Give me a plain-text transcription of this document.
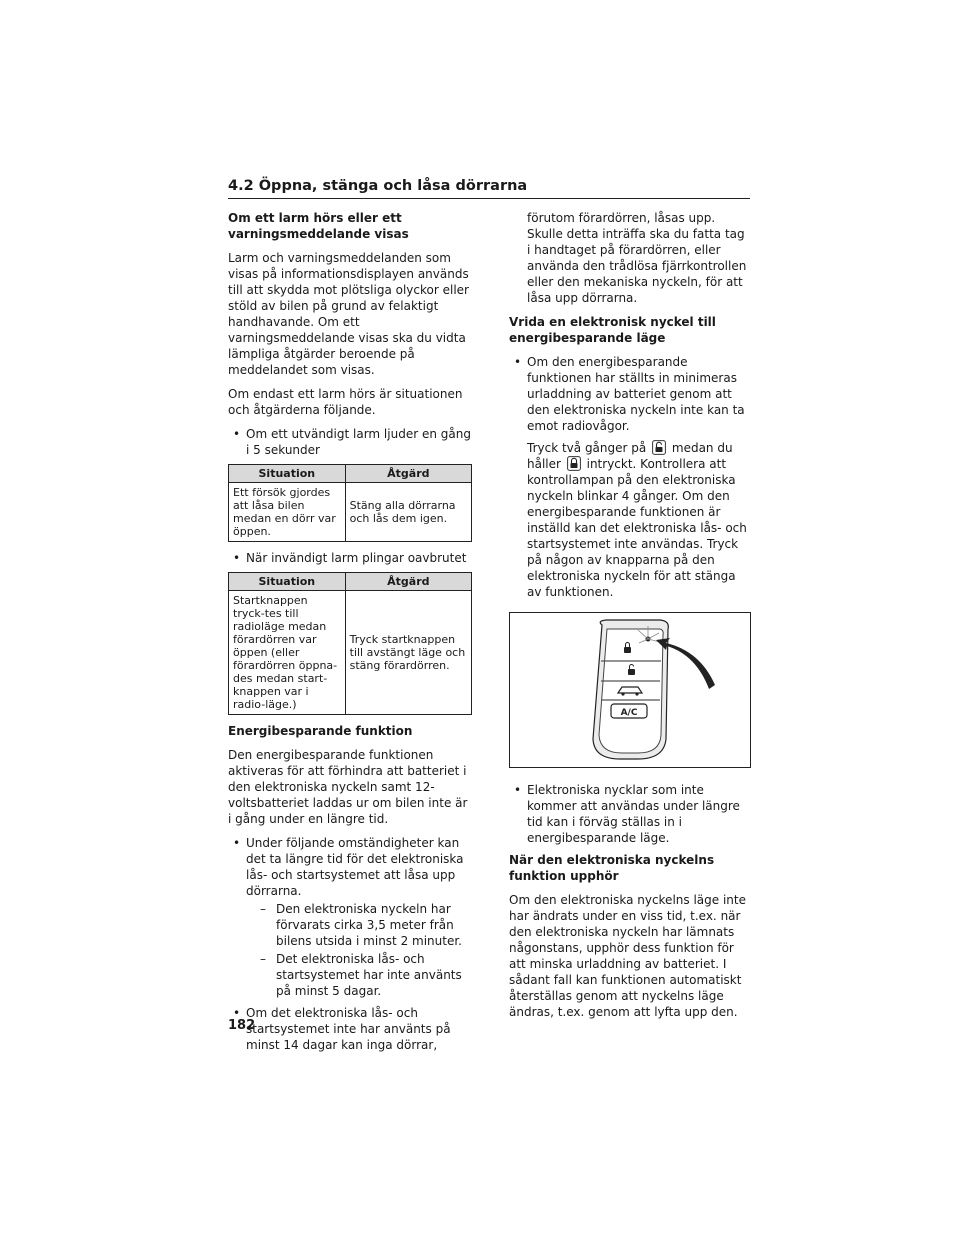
4.2 Öppna, stänga och låsa dörrarna
Om ett larm hörs eller ett varningsmeddelande visas

Larm och varningsmeddelanden som visas på informationsdisplayen används till att skydda mot plötsliga olyckor eller stöld av bilen på grund av felaktigt handhavande. Om ett varningsmeddelande visas ska du vidta lämpliga åtgärder beroende på meddelandet som visas.

Om endast ett larm hörs är situationen och åtgärderna följande.

• Om ett utvändigt larm ljuder en gång i 5 sekunder
Situation	Åtgärd
Ett försök gjordes att låsa bilen medan en dörr var öppen.	Stäng alla dörrarna och lås dem igen.
• När invändigt larm plingar oavbrutet
Situation	Åtgärd
Startknappen tryck-tes till radioläge medan förardörren var öppen (eller förardörren öppna-des medan start-knappen var i radio-läge.)	Tryck startknappen till avstängt läge och stäng förardörren.
Energibesparande funktion

Den energibesparande funktionen aktiveras för att förhindra att batteriet i den elektroniska nyckeln samt 12-voltsbatteriet laddas ur om bilen inte är i gång under en längre tid.

• Under följande omständigheter kan det ta längre tid för det elektroniska lås- och startsystemet att låsa upp dörrarna.
– Den elektroniska nyckeln har förvarats cirka 3,5 meter från bilens utsida i minst 2 minuter.
– Det elektroniska lås- och startsystemet har inte använts på minst 5 dagar.
• Om det elektroniska lås- och startsystemet inte har använts på minst 14 dagar kan inga dörrar,

förutom förardörren, låsas upp. Skulle detta inträffa ska du fatta tag i handtaget på förardörren, eller använda den trådlösa fjärrkontrollen eller den mekaniska nyckeln, för att låsa upp dörrarna.

Vrida en elektronisk nyckel till energibesparande läge
• Om den energibesparande funktionen har ställts in minimeras urladdning av batteriet genom att den elektroniska nyckeln inte kan ta emot radiovågor.

Tryck två gånger på medan du håller intryckt. Kontrollera att kontrollampan på den elektroniska nyckeln blinkar 4 gånger. Om den energibesparande funktionen är inställd kan det elektroniska lås- och startsystemet inte användas. Tryck på någon av knapparna på den elektroniska nyckeln för att stänga av funktionen.

A/C
• Elektroniska nycklar som inte kommer att användas under längre tid kan i förväg ställas in i energibesparande läge.
När den elektroniska nyckelns funktion upphör

Om den elektroniska nyckelns läge inte har ändrats under en viss tid, t.ex. när den elektroniska nyckeln har lämnats någonstans, upphör dess funktion för att minska urladdning av batteriet. I sådant fall kan funktionen automatiskt återställas genom att nyckelns läge ändras, t.ex. genom att lyfta upp den.

182
